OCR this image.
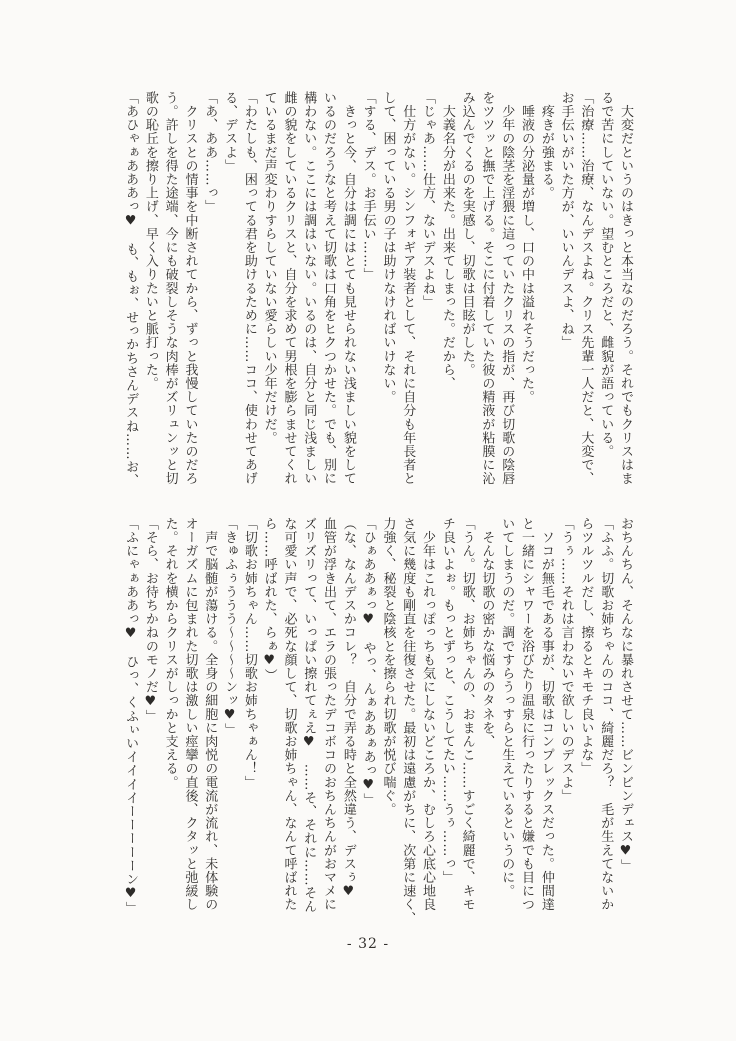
　大変だというのはきっと本当なのだろう。それでもクリスはま
るで苦にしていない。望むところだと、雌貌が語っている。
「治療……治療、なんデスよね。クリス先輩一人だと、大変で、
お手伝いがいた方が、いいんデスよ、ね」
　疼きが強まる。
　唾液の分泌量が増し、口の中は溢れそうだった。
　少年の陰茎を淫猥に這っていたクリスの指が、再び切歌の陰唇
をツツッと撫で上げる。そこに付着していた彼の精液が粘膜に沁
み込んでくるのを実感し、切歌は目眩がした。
　大義名分が出来た。出来てしまった。だから、
「じゃあ……仕方、ないデスよね」
　仕方がない。シンフォギア装者として、それに自分も年長者と
して、困っている男の子は助けなければいけない。
「する、デス。お手伝い……」
　きっと今、自分は調にはとても見せられない浅ましい貌をして
いるのだろうなと考えて切歌は口角をヒクつかせた。でも、別に
構わない。ここには調はいない。いるのは、自分と同じ浅ましい
雌の貌をしているクリスと、自分を求めて男根を膨らませてくれ
ているまだ声変わりすらしていない愛らしい少年だけだ。
「わたしも、困ってる君を助けるために……ココ、使わせてあげ
る、デスよ」
「あ、ああ……っ」
　クリスとの情事を中断されてから、ずっと我慢していたのだろ
う。許しを得た途端、今にも破裂しそうな肉棒がズリュンッと切
歌の恥丘を擦り上げ、早く入りたいと脈打った。
「あひゃぁあああっ♥　も、もぉ、せっかちさんデスね……お、
おちんちん、そんなに暴れさせて……ビンビンデェス♥」
「ふふ。切歌お姉ちゃんのココ、綺麗だろ？　毛が生えてないか
らツルツルだし、擦るとキモチ良いよな」
「うぅ……それは言わないで欲しいのデスよ」
　ソコが無毛である事が、切歌はコンプレックスだった。仲間達
と一緒にシャワーを浴びたり温泉に行ったりすると嫌でも目につ
いてしまうのだ。調ですらうっすらと生えているというのに。
　そんな切歌の密かな悩みのタネを、
「うん。切歌、お姉ちゃんの、おまんこ……すごく綺麗で、キモ
チ良いよぉ。もっとずっと、こうしてたい……うぅ……っ」
　少年はこれっぽっちも気にしないどころか、むしろ心底心地良
さ気に幾度も剛直を往復させた。最初は遠慮がちに、次第に速く、
力強く、秘裂と陰核とを擦られ切歌が悦び喘ぐ。
「ひぁああぁっ♥　やっ、んぁああぁあっ♥」
（な、なんデスかコレ？　自分で弄る時と全然違う、デスぅ♥
血管が浮き出て、エラの張ったデコボコのおちんちんがおマメに
ズリズリって、いっぱい擦れてぇえ♥　……そ、それに……そん
な可愛い声で、必死な顔して、切歌お姉ちゃん、なんて呼ばれた
ら……呼ばれた、らぁ♥）
「切歌お姉ちゃん……切歌お姉ちゃぁん！」
「きゅふぅううう〜〜〜〜ンッ♥」
　声で脳髄が蕩ける。全身の細胞に肉悦の電流が流れ、未体験の
オーガズムに包まれた切歌は激しい痙攣の直後、クタッと弛緩し
た。それを横からクリスがしっかと支える。
「そら、お待ちかねのモノだ♥」
「ふにゃぁああっ♥　ひっ、くふぃいイイイイーーーーーン♥」
- 32 -
